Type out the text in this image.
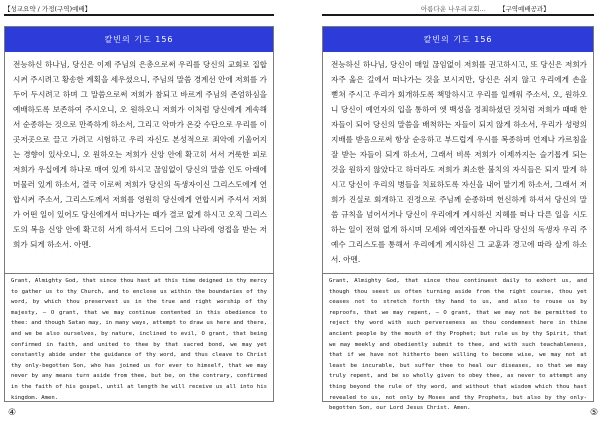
【성교요약 / 가정(구역)예배】
칼빈의 기도 156
전능하신 하나님, 당신은 이제 주님의 은총으로써 우리를 당신의 교회로 집합시켜 주시려고 황송한 계획을 세우셨으니, 주님의 말씀 경계선 안에 저희를 가두어 두시려고 하며 그 말씀으로써 저희가 참되고 바르게 주님의 존엄하심을 예배하도록 보존하여 주시오니, 오 원하오니 저희가 이처럼 당신에게 계속해서 순종하는 것으로 만족하게 하소서, 그리고 악마가 온갖 수단으로 우리를 이곳저곳으로 끌고 가려고 시험하고 우리 자신도 본성적으로 죄악에 기울어지는 경향이 있사오니, 오 원하오는 저희가 신앙 안에 확고히 서서 거룩한 피로 저희가 우십에게 하나로 매여 있게 하시고 끊임없이 당신의 말씀 인도 아래에 머물러 있게 하소서, 결국 이로써 저희가 당신의 독생자이신 그리스도에게 연합시켜 주소서, 그리스도께서 저희를 영원히 당신에게 연합시켜 주셔서 저희가 어떤 일이 있어도 당신에게서 떠나가는 때가 결코 없게 하시고 오직 그리스도의 복음 신앙 안에 확고히 서게 하셔서 드디어 그의 나라에 영접을 받는 저희가 되게 하소서. 아멘.
Grant, Almighty God, that since thou hast at this time deigned in thy mercy to gather us to thy Church, and to enclose us within the boundaries of thy word, by which thou preservest us in the true and right worship of thy majesty, — O grant, that we may continue contented in this obedience to thee: and though Satan may, in many ways, attempt to draw us here and there, and we be also ourselves, by nature, inclined to evil, O grant, that being confirmed in faith, and united to thee by that sacred bond, we may yet constantly abide under the guidance of thy word, and thus cleave to Christ thy only-begotten Son, who has joined us for ever to himself, that we may never by any means turn aside from thee, but be, on the contrary, confirmed in the faith of his gospel, until at length he will receive us all into his kingdom. Amen.
④
아름다운 나우리교회... 【구역예배공과】
칼빈의 기도 156
전능하신 하나님, 당신이 매일 끊임없이 저희를 권고하시고, 또 당신은 저희가 자주 옳은 길에서 떠나가는 것을 보시지만, 당신은 쉬지 않고 우리에게 손을 뻗쳐 주시고 우리가 회개하도록 책망하시고 우리를 일깨워 주소서, 오, 원하오니 당신이 예언자의 입을 통하여 엣 백성을 정죄하셨던 것처럼 저희가 때때 한 자들이 되어 당신의 말씀을 배척하는 자들이 되지 않게 하소서, 우리가 성령의 지배를 받음으로써 항상 순응하고 부드럽게 우시를 복종하며 언제나 가르침을 잘 받는 자들이 되게 하소서, 그래서 비록 저희가 이제까지는 슬기롭게 되는 것을 원하지 않았다고 하더라도 저희가 최소한 불치의 자식들은 되지 말게 하시고 당신이 우리의 병들을 치료하도록 자신을 내어 맡기게 하소서, 그래서 저희가 진실로 회개하고 진정으로 주님께 순종하며 헌신하게 하셔서 당신의 말씀 규칙을 넘어서거나 당신이 우리에게 계시하신 지혜를 떠나 다른 일을 시도하는 일이 전혀 없게 하시며 모세와 예언자들뿐 아니라 당신의 독생자 우리 주 예수 그리스도를 통해서 우리에게 계시하신 그 교훈과 경고에 따라 살게 하소서. 아멘.
Grant, Almighty God, that since thou continuest daily to exhort us, and though thou seest us often turning aside from the right course, thou yet ceases not to stretch forth thy hand to us, and also to rouse us by reproofs, that we may repent, — O grant, that we may not be permitted to reject thy word with such perverseness as thou condemnest here in thine ancient people by the mouth of thy Prophet; but rule us by thy Spirit, that we may meekly and obediently submit to thee, and with such teachableness, that if we have not hitherto been willing to become wise, we may not at least be incurable, but suffer thee to heal our diseases, so that we may truly repent, and be so wholly given to obey thee, as never to attempt any thing beyond the rule of thy word, and without that wisdom which thou hast revealed to us, not only by Moses and thy Prophets, but also by thy only-begotten Son, our Lord Jesus Christ. Amen.	⑤
